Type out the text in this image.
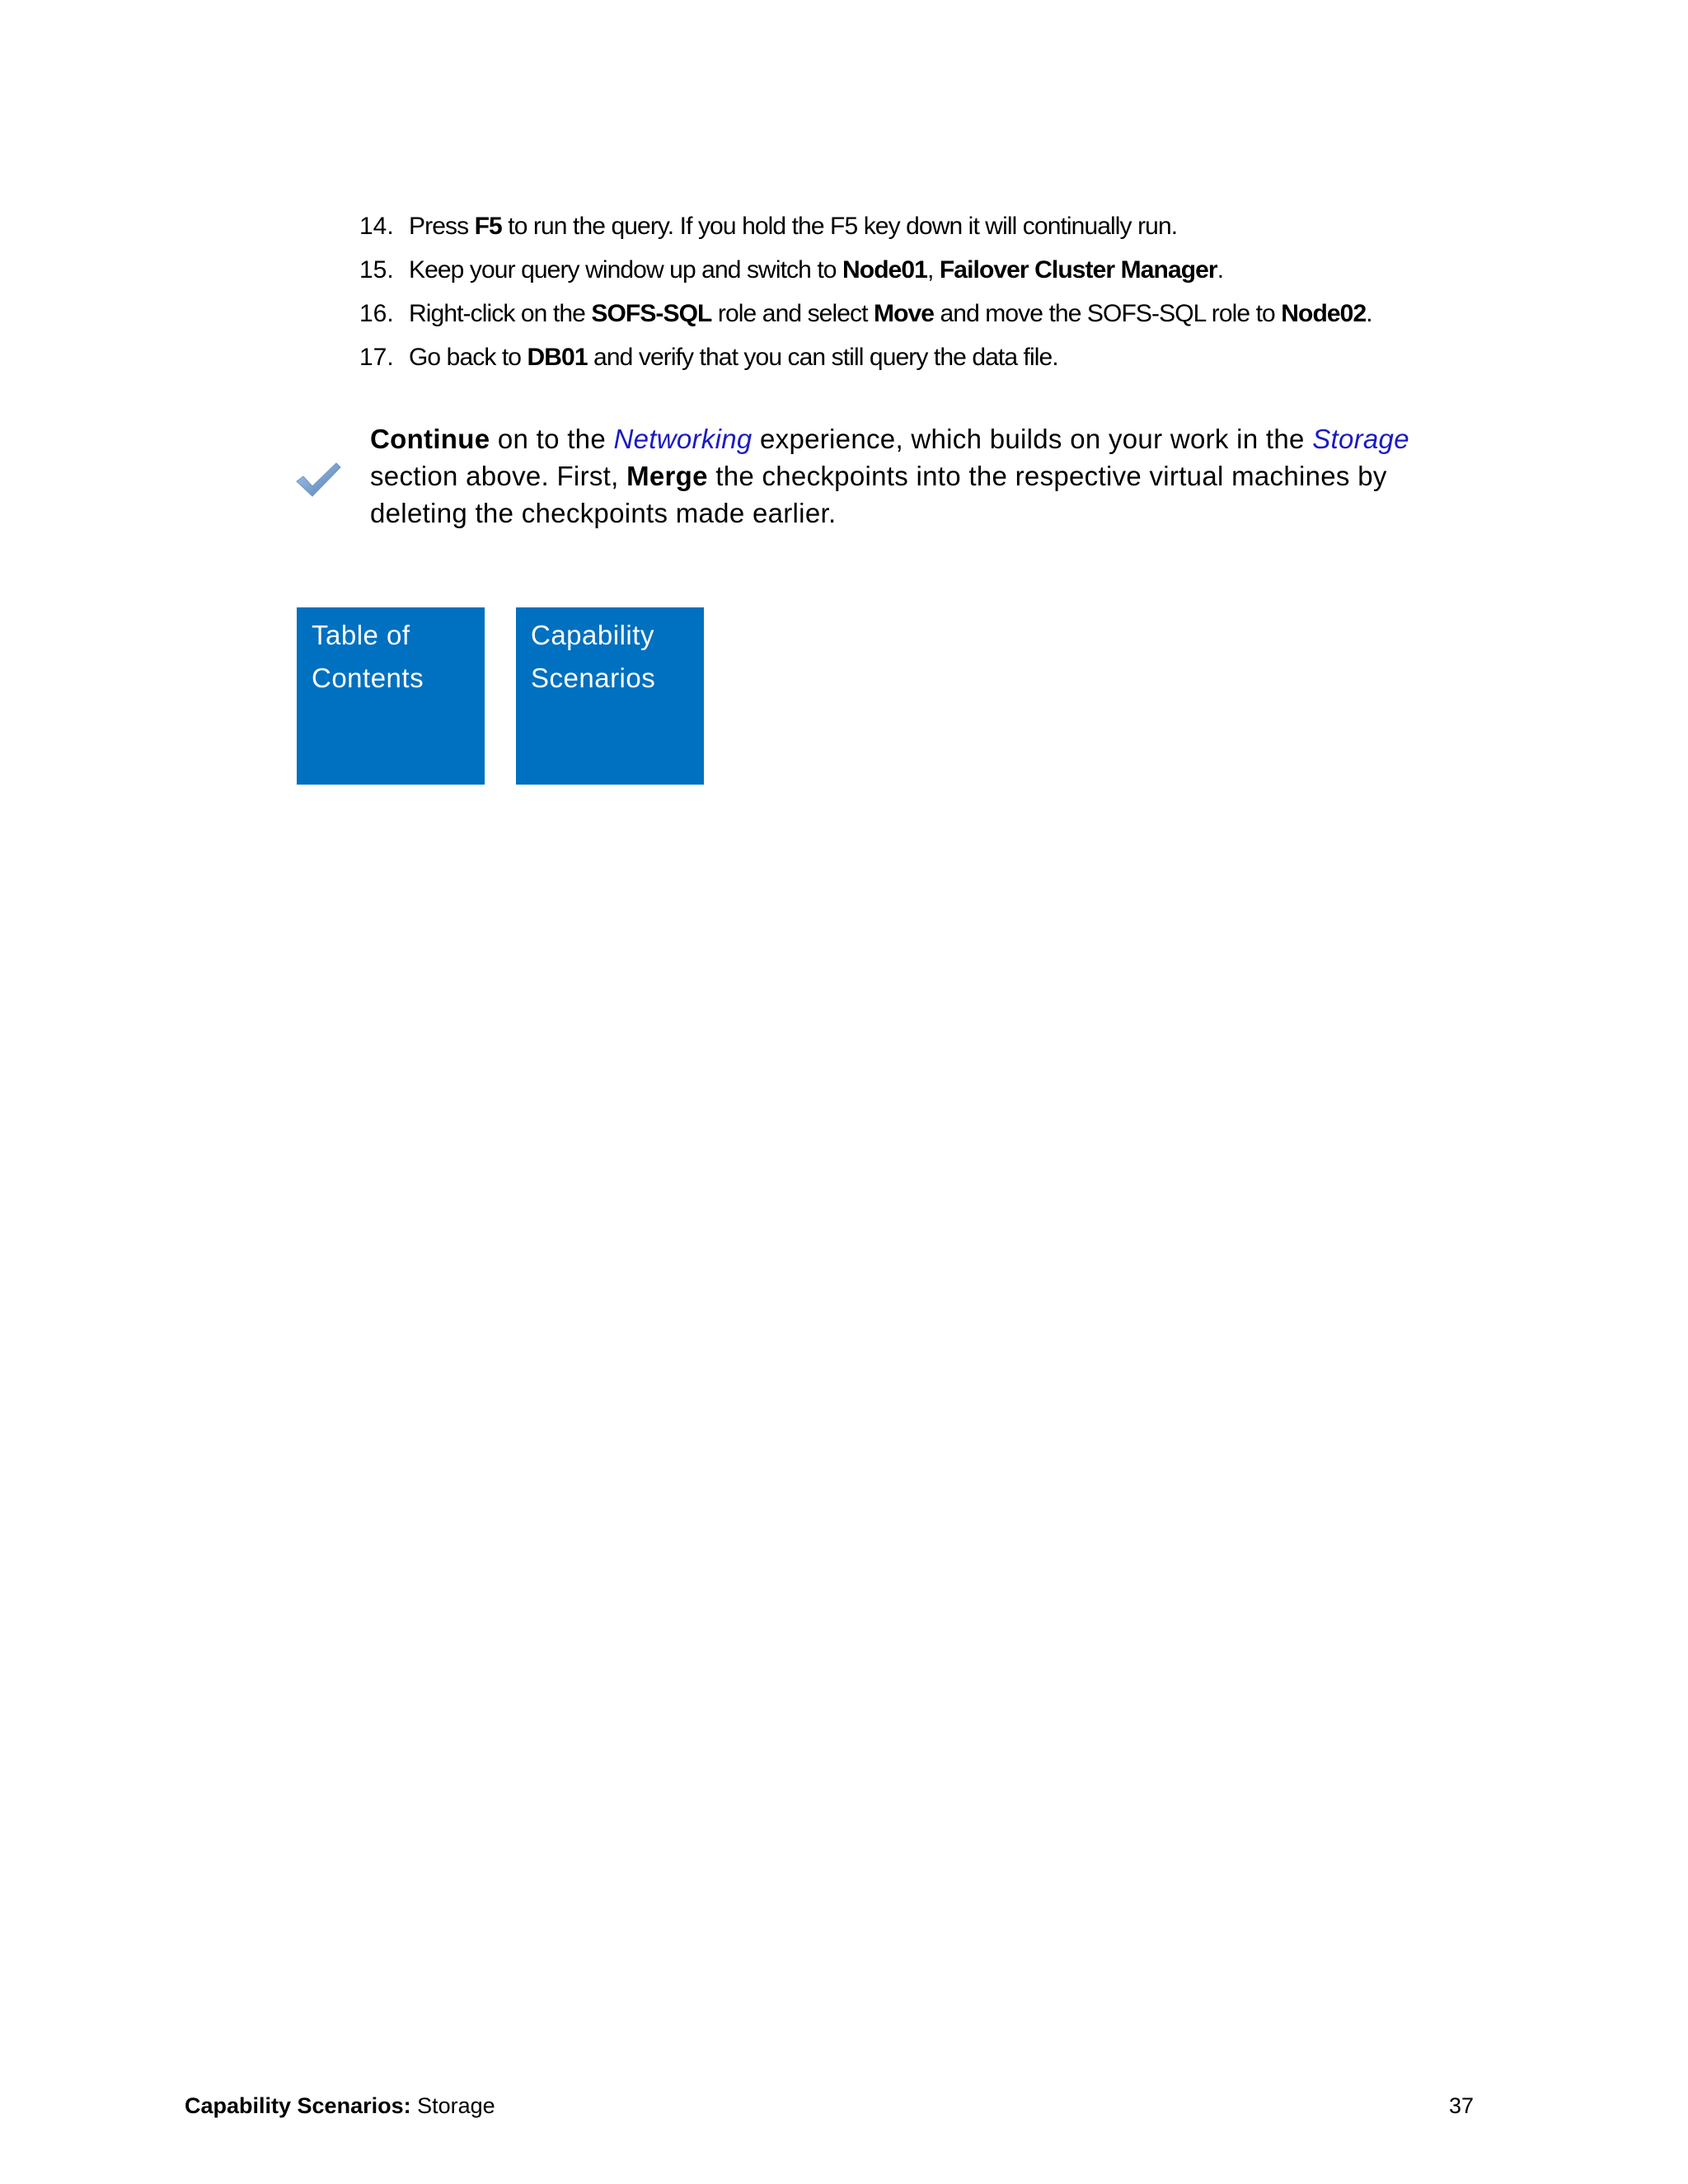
14. Press F5 to run the query. If you hold the F5 key down it will continually run.
15. Keep your query window up and switch to Node01, Failover Cluster Manager.
16. Right-click on the SOFS-SQL role and select Move and move the SOFS-SQL role to Node02.
17. Go back to DB01 and verify that you can still query the data file.
Continue on to the Networking experience, which builds on your work in the Storage section above. First, Merge the checkpoints into the respective virtual machines by deleting the checkpoints made earlier.
Table of
Contents
Capability
Scenarios
Capability Scenarios: Storage	37
